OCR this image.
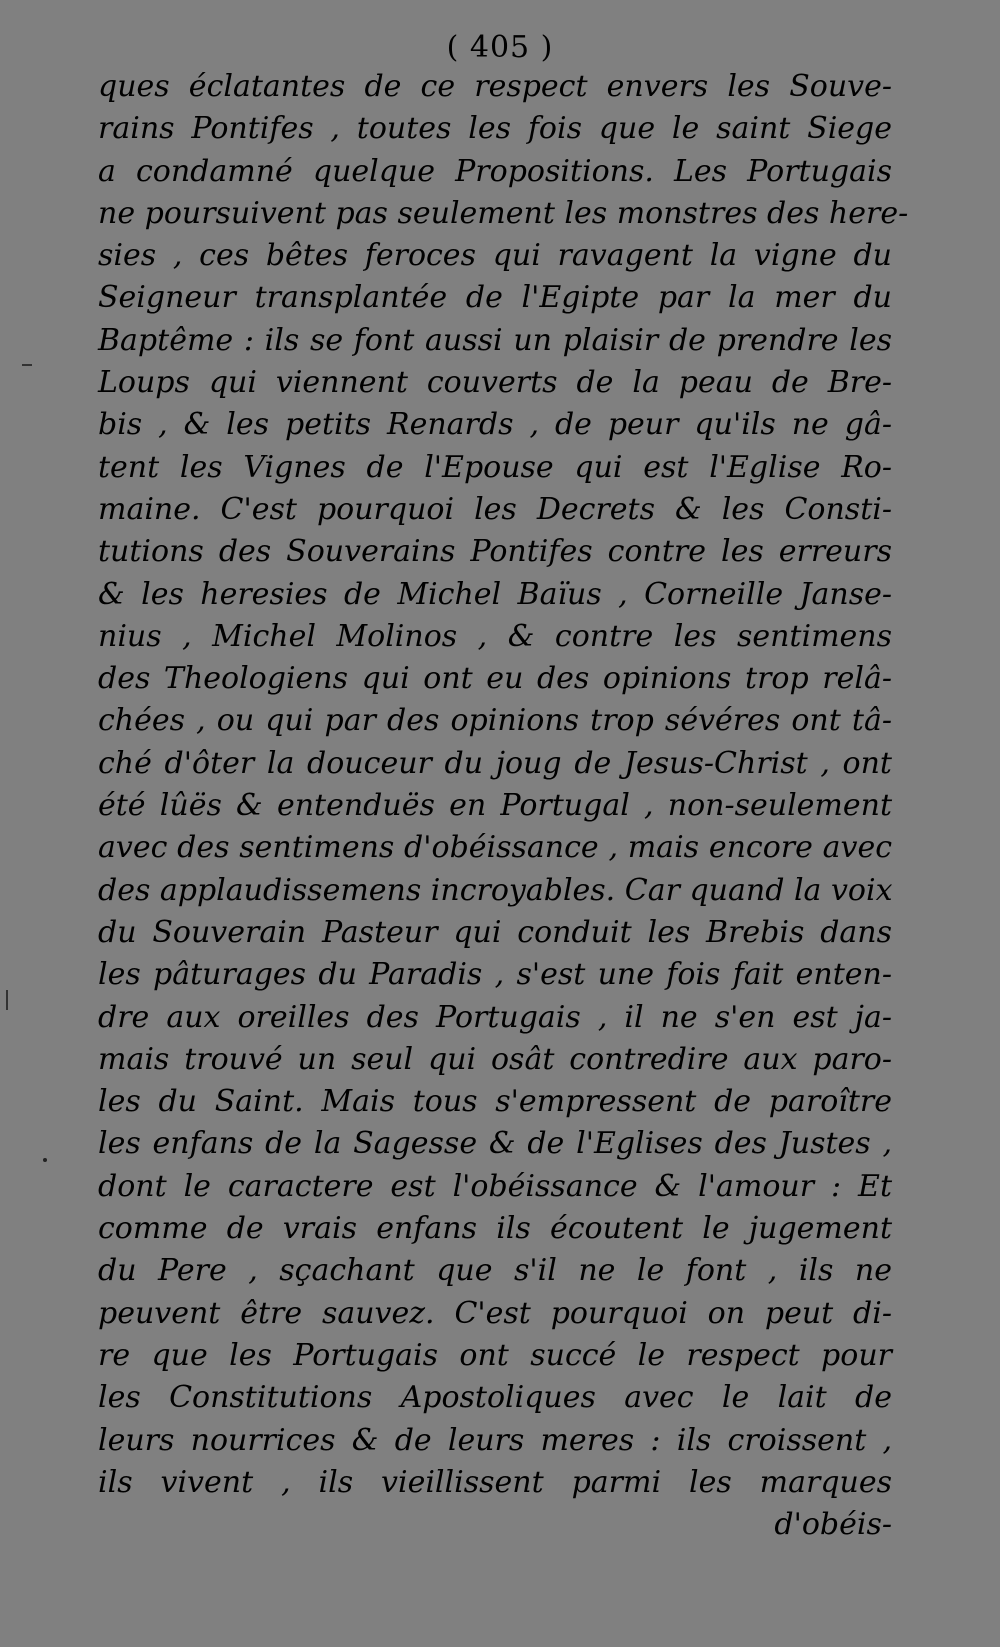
( 405 )
ques éclatantes de ce respect envers les Souve-
rains Pontifes , toutes les fois que le saint Siege
a condamné quelque Propositions. Les Portugais
ne poursuivent pas seulement les monstres des here-
sies , ces bêtes feroces qui ravagent la vigne du
Seigneur transplantée de l'Egipte par la mer du
Baptême : ils se font aussi un plaisir de prendre les
Loups qui viennent couverts de la peau de Bre-
bis , & les petits Renards , de peur qu'ils ne gâ-
tent les Vignes de l'Epouse qui est l'Eglise Ro-
maine. C'est pourquoi les Decrets & les Consti-
tutions des Souverains Pontifes contre les erreurs
& les heresies de Michel Baïus , Corneille Janse-
nius , Michel Molinos , & contre les sentimens
des Theologiens qui ont eu des opinions trop relâ-
chées , ou qui par des opinions trop sévéres ont tâ-
ché d'ôter la douceur du joug de Jesus-Christ , ont
été lûës & entenduës en Portugal , non-seulement
avec des sentimens d'obéissance , mais encore avec
des applaudissemens incroyables. Car quand la voix
du Souverain Pasteur qui conduit les Brebis dans
les pâturages du Paradis , s'est une fois fait enten-
dre aux oreilles des Portugais , il ne s'en est ja-
mais trouvé un seul qui osât contredire aux paro-
les du Saint. Mais tous s'empressent de paroître
les enfans de la Sagesse & de l'Eglises des Justes ,
dont le caractere est l'obéissance & l'amour : Et
comme de vrais enfans ils écoutent le jugement
du Pere , sçachant que s'il ne le font , ils ne
peuvent être sauvez. C'est pourquoi on peut di-
re que les Portugais ont succé le respect pour
les Constitutions Apostoliques avec le lait de
leurs nourrices & de leurs meres : ils croissent ,
ils vivent , ils vieillissent parmi les marques
d'obéis-
